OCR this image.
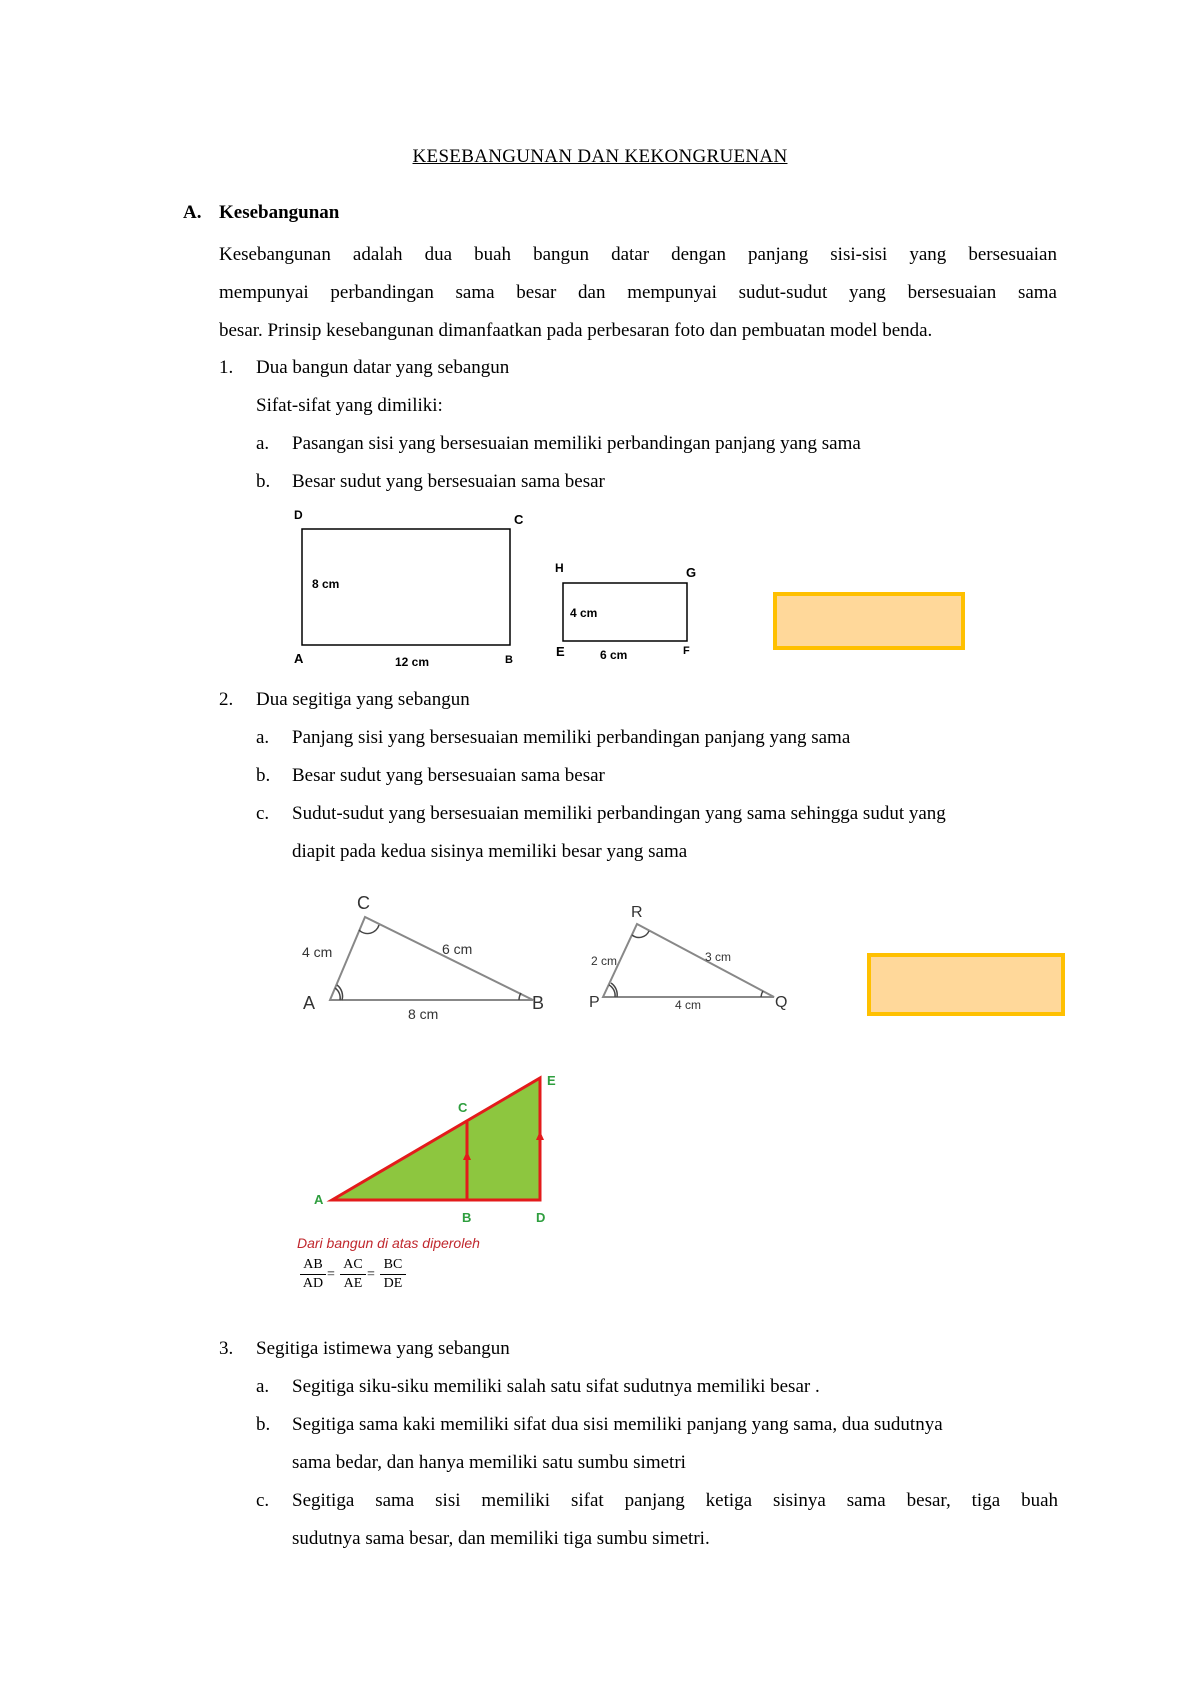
KESEBANGUNAN DAN KEKONGRUENAN
A. Kesebangunan
Kesebangunan adalah dua buah bangun datar dengan panjang sisi-sisi yang bersesuaian
mempunyai perbandingan sama besar dan mempunyai sudut-sudut yang bersesuaian sama
besar. Prinsip kesebangunan dimanfaatkan pada perbesaran foto dan pembuatan model benda.
1. Dua bangun datar yang sebangun
Sifat-sifat yang dimiliki:
a. Pasangan sisi yang bersesuaian memiliki perbandingan panjang yang sama
b. Besar sudut yang bersesuaian sama besar
D	C
A	B
8 cm
12 cm
H	G
E	F
4 cm
6 cm
2. Dua segitiga yang sebangun
a. Panjang sisi yang bersesuaian memiliki perbandingan panjang yang sama
b. Besar sudut yang bersesuaian sama besar
c. Sudut-sudut yang bersesuaian memiliki perbandingan yang sama sehingga sudut yang
diapit pada kedua sisinya memiliki besar yang sama
C
A	B
4 cm	6 cm
8 cm
R
P	Q
2 cm	3 cm
4 cm
A
B
C
D
E
Dari bangun di atas diperoleh
$\frac{AB}{AD} = \frac{AC}{AE} = \frac{BC}{DE}$
3. Segitiga istimewa yang sebangun
a. Segitiga siku-siku memiliki salah satu sifat sudutnya memiliki besar .
b. Segitiga sama kaki memiliki sifat dua sisi memiliki panjang yang sama, dua sudutnya
sama bedar, dan hanya memiliki satu sumbu simetri
c. Segitiga sama sisi memiliki sifat panjang ketiga sisinya sama besar, tiga buah
sudutnya sama besar, dan memiliki tiga sumbu simetri.
